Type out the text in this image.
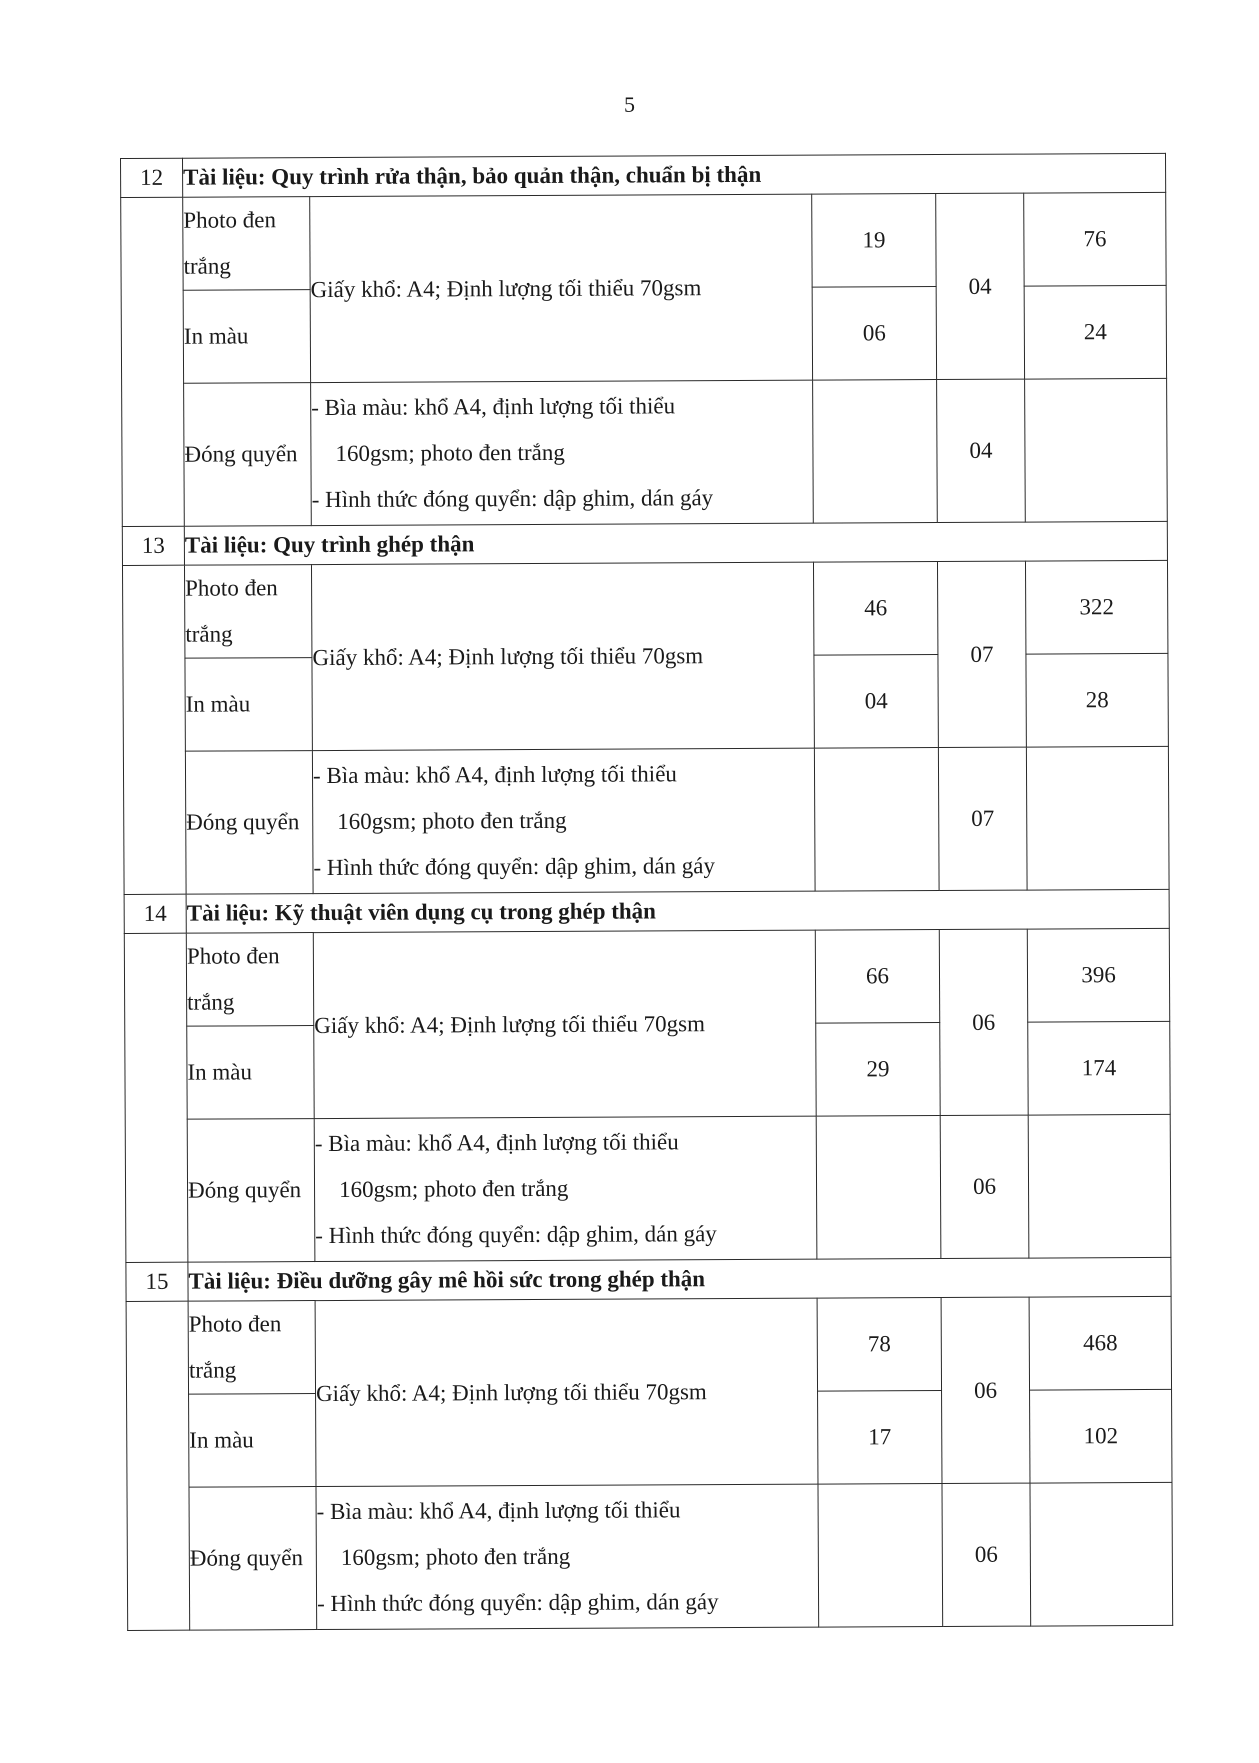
5
12	Tài liệu: Quy trình rửa thận, bảo quản thận, chuẩn bị thận				
	Photo đen trắng	Giấy khổ: A4; Định lượng tối thiểu 70gsm	19	04	76
	In màu		06		24
	Đóng quyển	- Bìa màu: khổ A4, định lượng tối thiểu
160gsm; photo đen trắng
- Hình thức đóng quyển: dập ghim, dán gáy		04	
13	Tài liệu: Quy trình ghép thận				
	Photo đen trắng	Giấy khổ: A4; Định lượng tối thiểu 70gsm	46	07	322
	In màu		04		28
	Đóng quyển	- Bìa màu: khổ A4, định lượng tối thiểu
160gsm; photo đen trắng
- Hình thức đóng quyển: dập ghim, dán gáy		07	
14	Tài liệu: Kỹ thuật viên dụng cụ trong ghép thận				
	Photo đen trắng	Giấy khổ: A4; Định lượng tối thiểu 70gsm	66	06	396
	In màu		29		174
	Đóng quyển	- Bìa màu: khổ A4, định lượng tối thiểu
160gsm; photo đen trắng
- Hình thức đóng quyển: dập ghim, dán gáy		06	
15	Tài liệu: Điều dưỡng gây mê hồi sức trong ghép thận				
	Photo đen trắng	Giấy khổ: A4; Định lượng tối thiểu 70gsm	78	06	468
	In màu		17		102
	Đóng quyển	- Bìa màu: khổ A4, định lượng tối thiểu
160gsm; photo đen trắng
- Hình thức đóng quyển: dập ghim, dán gáy		06	
